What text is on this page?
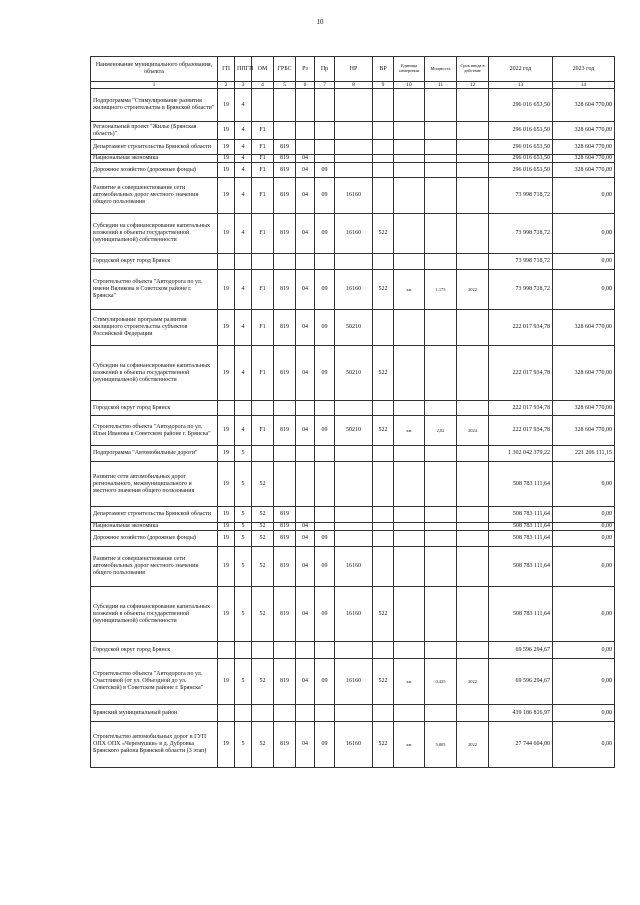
10
Наименование муниципального образования, объекта	ГП	ППГП	ОМ	ГРБС	Рз	Пр	НР	ВР	Единица измерения	Мощность	Срок ввода в действие	2022 год	2023 год
1	2	3	4	5	6	7	8	9	10	11	12	13	14
Подпрограмма "Стимулирование развития жилищного строительства в Брянской области"	19	4										296 016 653,50	328 604 770,00
Региональный проект "Жилье (Брянская область)"	19	4	F1									296 016 653,50	328 604 770,00
Департамент строительства Брянской области	19	4	F1	819								296 016 653,50	328 604 770,00
Национальная экономика	19	4	F1	819	04							296 016 653,50	328 604 770,00
Дорожное хозяйство (дорожные фонды)	19	4	F1	819	04	09						296 016 653,50	328 604 770,00
Развитие и совершенствование сети автомобильных дорог местного значения общего пользования	19	4	F1	819	04	09	16160					73 998 718,72	0,00
Субсидии на софинансирование капитальных вложений в объекты государственной (муниципальной) собственности	19	4	F1	819	04	09	16160	522				73 998 718,72	0,00
Городской округ город Брянск												73 998 718,72	0,00
Строительство объекта "Автодорога по ул. имени Вяликова в Советском районе г. Брянска"	19	4	F1	819	04	09	16160	522	км	1,175	2022	73 998 718,72	0,00
Стимулирование программ развития жилищного строительства субъектов Российской Федерации	19	4	F1	819	04	09	50210					222 017 934,78	328 604 770,00
Субсидии на софинансирование капитальных вложений в объекты государственной (муниципальной) собственности	19	4	F1	819	04	09	50210	522				222 017 934,78	328 604 770,00
Городской округ город Брянск												222 017 934,78	328 604 770,00
Строительство объекта "Автодорога по ул. Ильи Иванова в Советском районе г. Брянска"	19	4	F1	819	04	09	50210	522	км	2,02	2024	222 017 934,78	328 604 770,00
Подпрограмма "Автомобильные дороги"	19	5										1 302 042 379,22	221 206 111,15
Развитие сети автомобильных дорог регионального, межмуниципального и местного значения общего пользования	19	5	52									508 783 111,64	0,00
Департамент строительства Брянской области	19	5	52	819								508 783 111,64	0,00
Национальная экономика	19	5	52	819	04							508 783 111,64	0,00
Дорожное хозяйство (дорожные фонды)	19	5	52	819	04	09						508 783 111,64	0,00
Развитие и совершенствование сети автомобильных дорог местного значения общего пользования	19	5	52	819	04	09	16160					508 783 111,64	0,00
Субсидии на софинансирование капитальных вложений в объекты государственной (муниципальной) собственности	19	5	52	819	04	09	16160	522				508 783 111,64	0,00
Городской округ город Брянск												69 596 294,67	0,00
Строительство объекта "Автодорога по ул. Счастливой (от ул. Объездной до ул. Советской) в Советском районе г. Брянска"	19	5	52	819	04	09	16160	522	км	0,425	2022	69 596 294,67	0,00
Брянский муниципальный район												439 186 816,97	0,00
Строительство автомобильных дорог в ГУП ОПХ ОПХ «Черемушки» в д. Дубровка Брянского района Брянской области (3 этап)	19	5	52	819	04	09	16160	522	км	5,005	2022	27 744 604,00	0,00
